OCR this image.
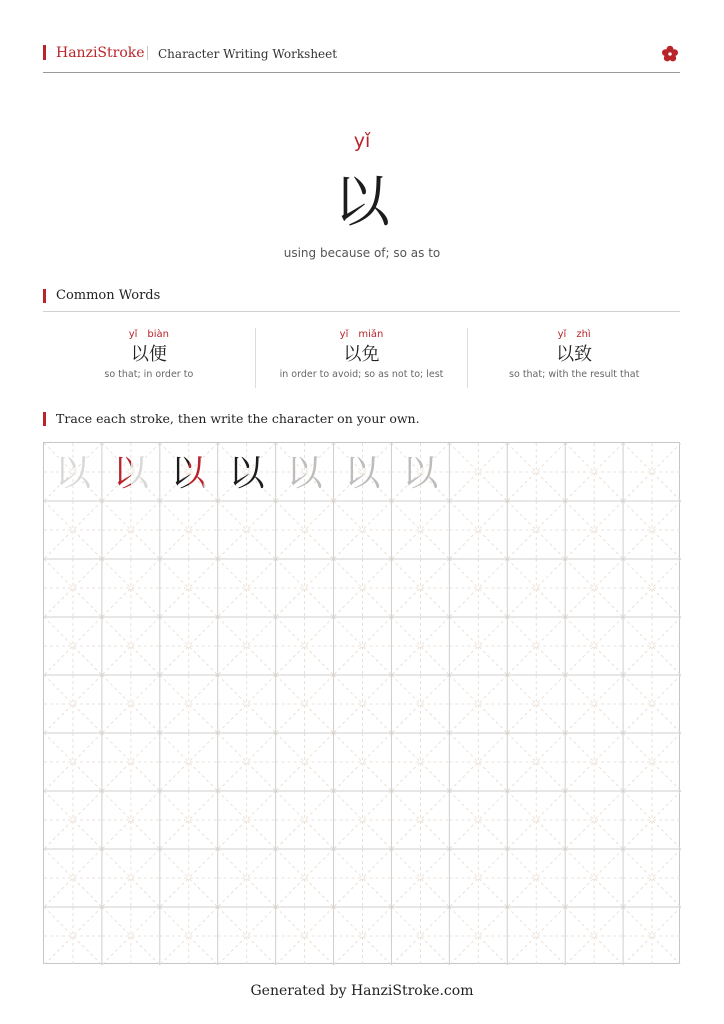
HanziStroke Character Writing Worksheet
yǐ
以
using because of; so as to
Common Words
yǐ biàn
以便
so that; in order to
yǐ miǎn
以免
in order to avoid; so as not to; lest
yǐ zhì
以致
so that; with the result that
Trace each stroke, then write the character on your own.
以 以 以 以 以 以 以
Generated by HanziStroke.com
